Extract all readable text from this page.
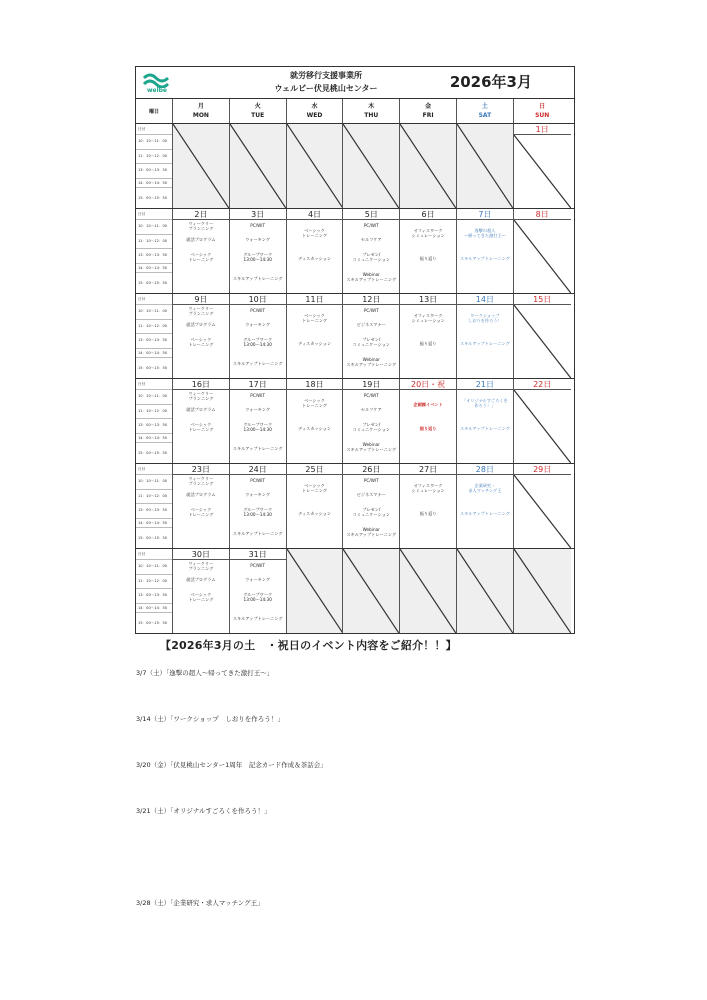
welbe
就労移行支援事業所
ウェルビー伏見桃山センター	2026年3月
曜日
月
MON
火
TUE
水
WED
木
THU
金
FRI
土
SAT
日
SUN
日付
10：10～11：00
11：10～12：00
13：00～13：50
14：00～14：50
15：00～15：50
1日
日付
10：10～11：00
11：10～12：00
13：00～13：50
14：00～14：50
15：00～15：50
2日
ウィークリー
プランニング
就活プログラム
ベーシック
トレーニング
3日
PC/WIT
ウォーキング
グループワーク
13:00～14:30
スキルアップトレーニング
4日
ベーシック
トレーニング
ディスカッション
5日
PC/WIT
セルフケア
プレゼン/
コミュニケーション
Webinar
スキルアップトレーニング
6日
オフィスワーク
シミュレーション
振り返り
7日
逸撃の超人
～帰ってきた激打王～
スキルアップトレーニング
8日
日付
10：10～11：00
11：10～12：00
13：00～13：50
14：00～14：50
15：00～15：50
9日
ウィークリー
プランニング
就活プログラム
ベーシック
トレーニング
10日
PC/WIT
ウォーキング
グループワーク
13:00～14:30
スキルアップトレーニング
11日
ベーシック
トレーニング
ディスカッション
12日
PC/WIT
ビジネスマナー
プレゼン/
コミュニケーション
Webinar
スキルアップトレーニング
13日
オフィスワーク
シミュレーション
振り返り
14日
ワークショップ
しおりを作ろう！
スキルアップトレーニング
15日
日付
10：10～11：00
11：10～12：00
13：00～13：50
14：00～14：50
15：00～15：50
16日
ウィークリー
プランニング
就活プログラム
ベーシック
トレーニング
17日
PC/WIT
ウォーキング
グループワーク
13:00～14:30
スキルアップトレーニング
18日
ベーシック
トレーニング
ディスカッション
19日
PC/WIT
セルフケア
プレゼン/
コミュニケーション
Webinar
スキルアップトレーニング
20日・祝
企画課イベント
振り返り
21日
「オリジナルすごろくを
作ろう！」
スキルアップトレーニング
22日
日付
10：10～11：00
11：10～12：00
13：00～13：50
14：00～14：50
15：00～15：50
23日
ウィークリー
プランニング
就活プログラム
ベーシック
トレーニング
24日
PC/WIT
ウォーキング
グループワーク
13:00～14:30
スキルアップトレーニング
25日
ベーシック
トレーニング
ディスカッション
26日
PC/WIT
ビジネスマナー
プレゼン/
コミュニケーション
Webinar
スキルアップトレーニング
27日
オフィスワーク
シミュレーション
振り返り
28日
企業研究・
求人マッチング王
スキルアップトレーニング
29日
日付
10：10～11：00
11：10～12：00
13：00～13：50
14：00～14：50
15：00～15：50
30日
ウィークリー
プランニング
就活プログラム
ベーシック
トレーニング
31日
PC/WIT
ウォーキング
グループワーク
13:00～14:30
スキルアップトレーニング
【2026年3月の土　・祝日のイベント内容をご紹介！！】
3/7（土）「逸撃の超人～帰ってきた激打王～」
3/14（土）「ワークショップ　しおりを作ろう！」
3/20（金）「伏見桃山センター1周年　記念カード作成＆茶話会」
3/21（土）「オリジナルすごろくを作ろう！」
3/28（土）「企業研究・求人マッチング王」
